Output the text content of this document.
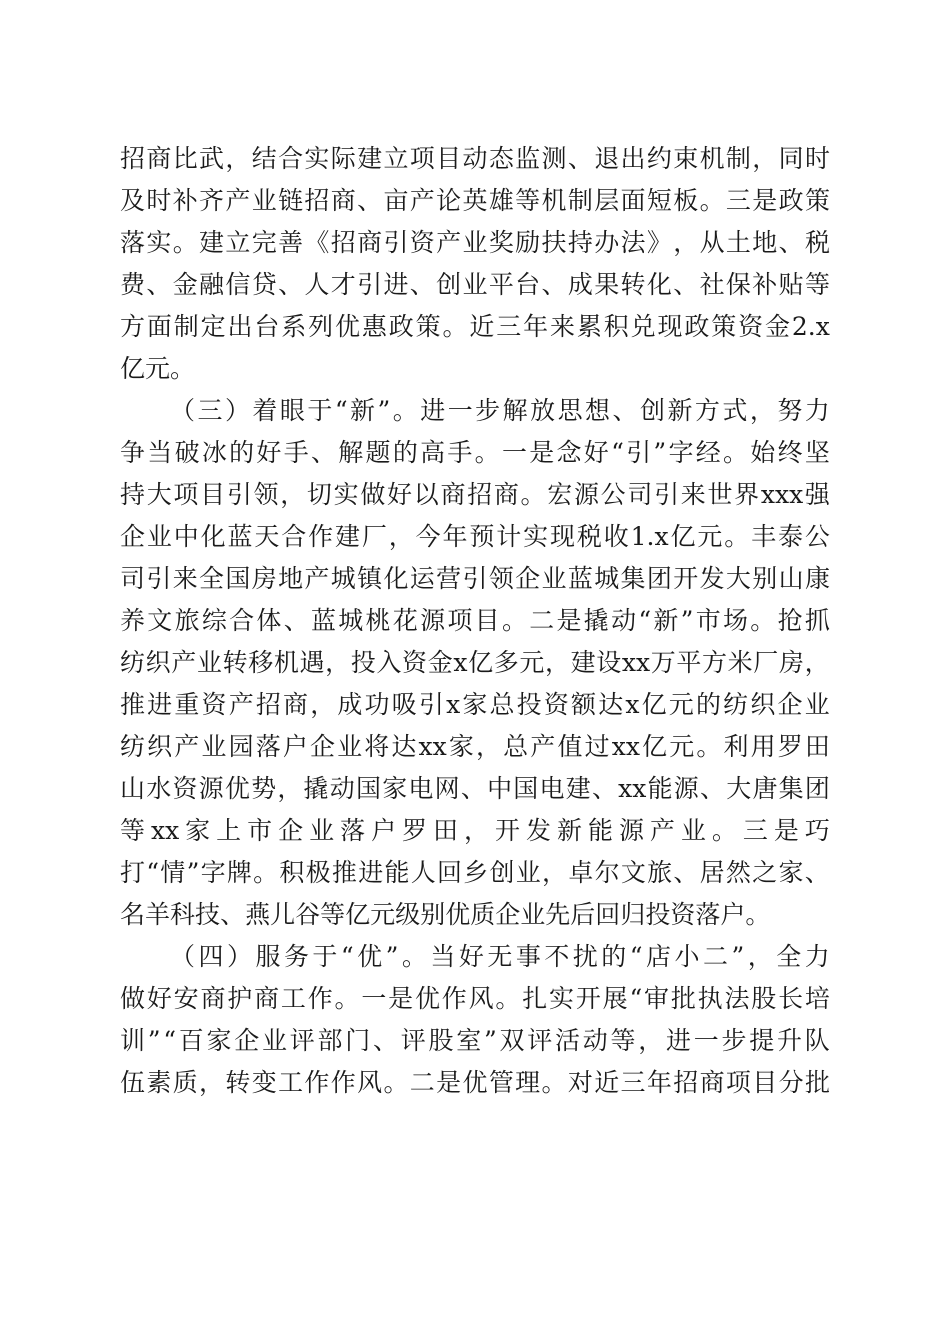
招 商 比 武 ， 结 合 实 际 建 立 项 目 动 态 监 测 、 退 出 约 束 机 制 ， 同 时
及 时 补 齐 产 业 链 招 商 、 亩 产 论 英 雄 等 机 制 层 面 短 板 。 三 是 政 策
落 实 。 建 立 完 善 《 招 商 引 资 产 业 奖 励 扶 持 办 法 》 ， 从 土 地 、 税
费 、 金 融 信 贷 、 人 才 引 进 、 创 业 平 台 、 成 果 转 化 、 社 保 补 贴 等
方 面 制 定 出 台 系 列 优 惠 政 策 。 近 三 年 来 累 积 兑 现 政 策 资 金 2.x
亿 元 。
（ 三 ） 着 眼 于 “ 新 ” 。 进 一 步 解 放 思 想 、 创 新 方 式 ， 努 力
争 当 破 冰 的 好 手 、 解 题 的 高 手 。 一 是 念 好 “ 引 ” 字 经 。 始 终 坚
持 大 项 目 引 领 ， 切 实 做 好 以 商 招 商 。 宏 源 公 司 引 来 世 界 xxx 强
企 业 中 化 蓝 天 合 作 建 厂 ， 今 年 预 计 实 现 税 收 1.x 亿 元 。 丰 泰 公
司 引 来 全 国 房 地 产 城 镇 化 运 营 引 领 企 业 蓝 城 集 团 开 发 大 别 山 康
养 文 旅 综 合 体 、 蓝 城 桃 花 源 项 目 。 二 是 撬 动 “ 新 ” 市 场 。 抢 抓
纺 织 产 业 转 移 机 遇 ， 投 入 资 金 x 亿 多 元 ， 建 设 xx 万 平 方 米 厂 房 ，
推 进 重 资 产 招 商 ， 成 功 吸 引 x 家 总 投 资 额 达 x 亿 元 的 纺 织 企 业
纺 织 产 业 园 落 户 企 业 将 达 xx 家 ， 总 产 值 过 xx 亿 元 。 利 用 罗 田
山 水 资 源 优 势 ， 撬 动 国 家 电 网 、 中 国 电 建 、 xx 能 源 、 大 唐 集 团
等 xx 家 上 市 企 业 落 户 罗 田 ， 开 发 新 能 源 产 业 。 三 是 巧
打 “ 情 ” 字 牌 。 积 极 推 进 能 人 回 乡 创 业 ， 卓 尔 文 旅 、 居 然 之 家 、
名 羊 科 技 、 燕 儿 谷 等 亿 元 级 别 优 质 企 业 先 后 回 归 投 资 落 户 。
（ 四 ） 服 务 于 “ 优 ” 。 当 好 无 事 不 扰 的 “ 店 小 二 ” ， 全 力
做 好 安 商 护 商 工 作 。 一 是 优 作 风 。 扎 实 开 展 “ 审 批 执 法 股 长 培
训 ” “ 百 家 企 业 评 部 门 、 评 股 室 ” 双 评 活 动 等 ， 进 一 步 提 升 队
伍 素 质 ， 转 变 工 作 作 风 。 二 是 优 管 理 。 对 近 三 年 招 商 项 目 分 批
